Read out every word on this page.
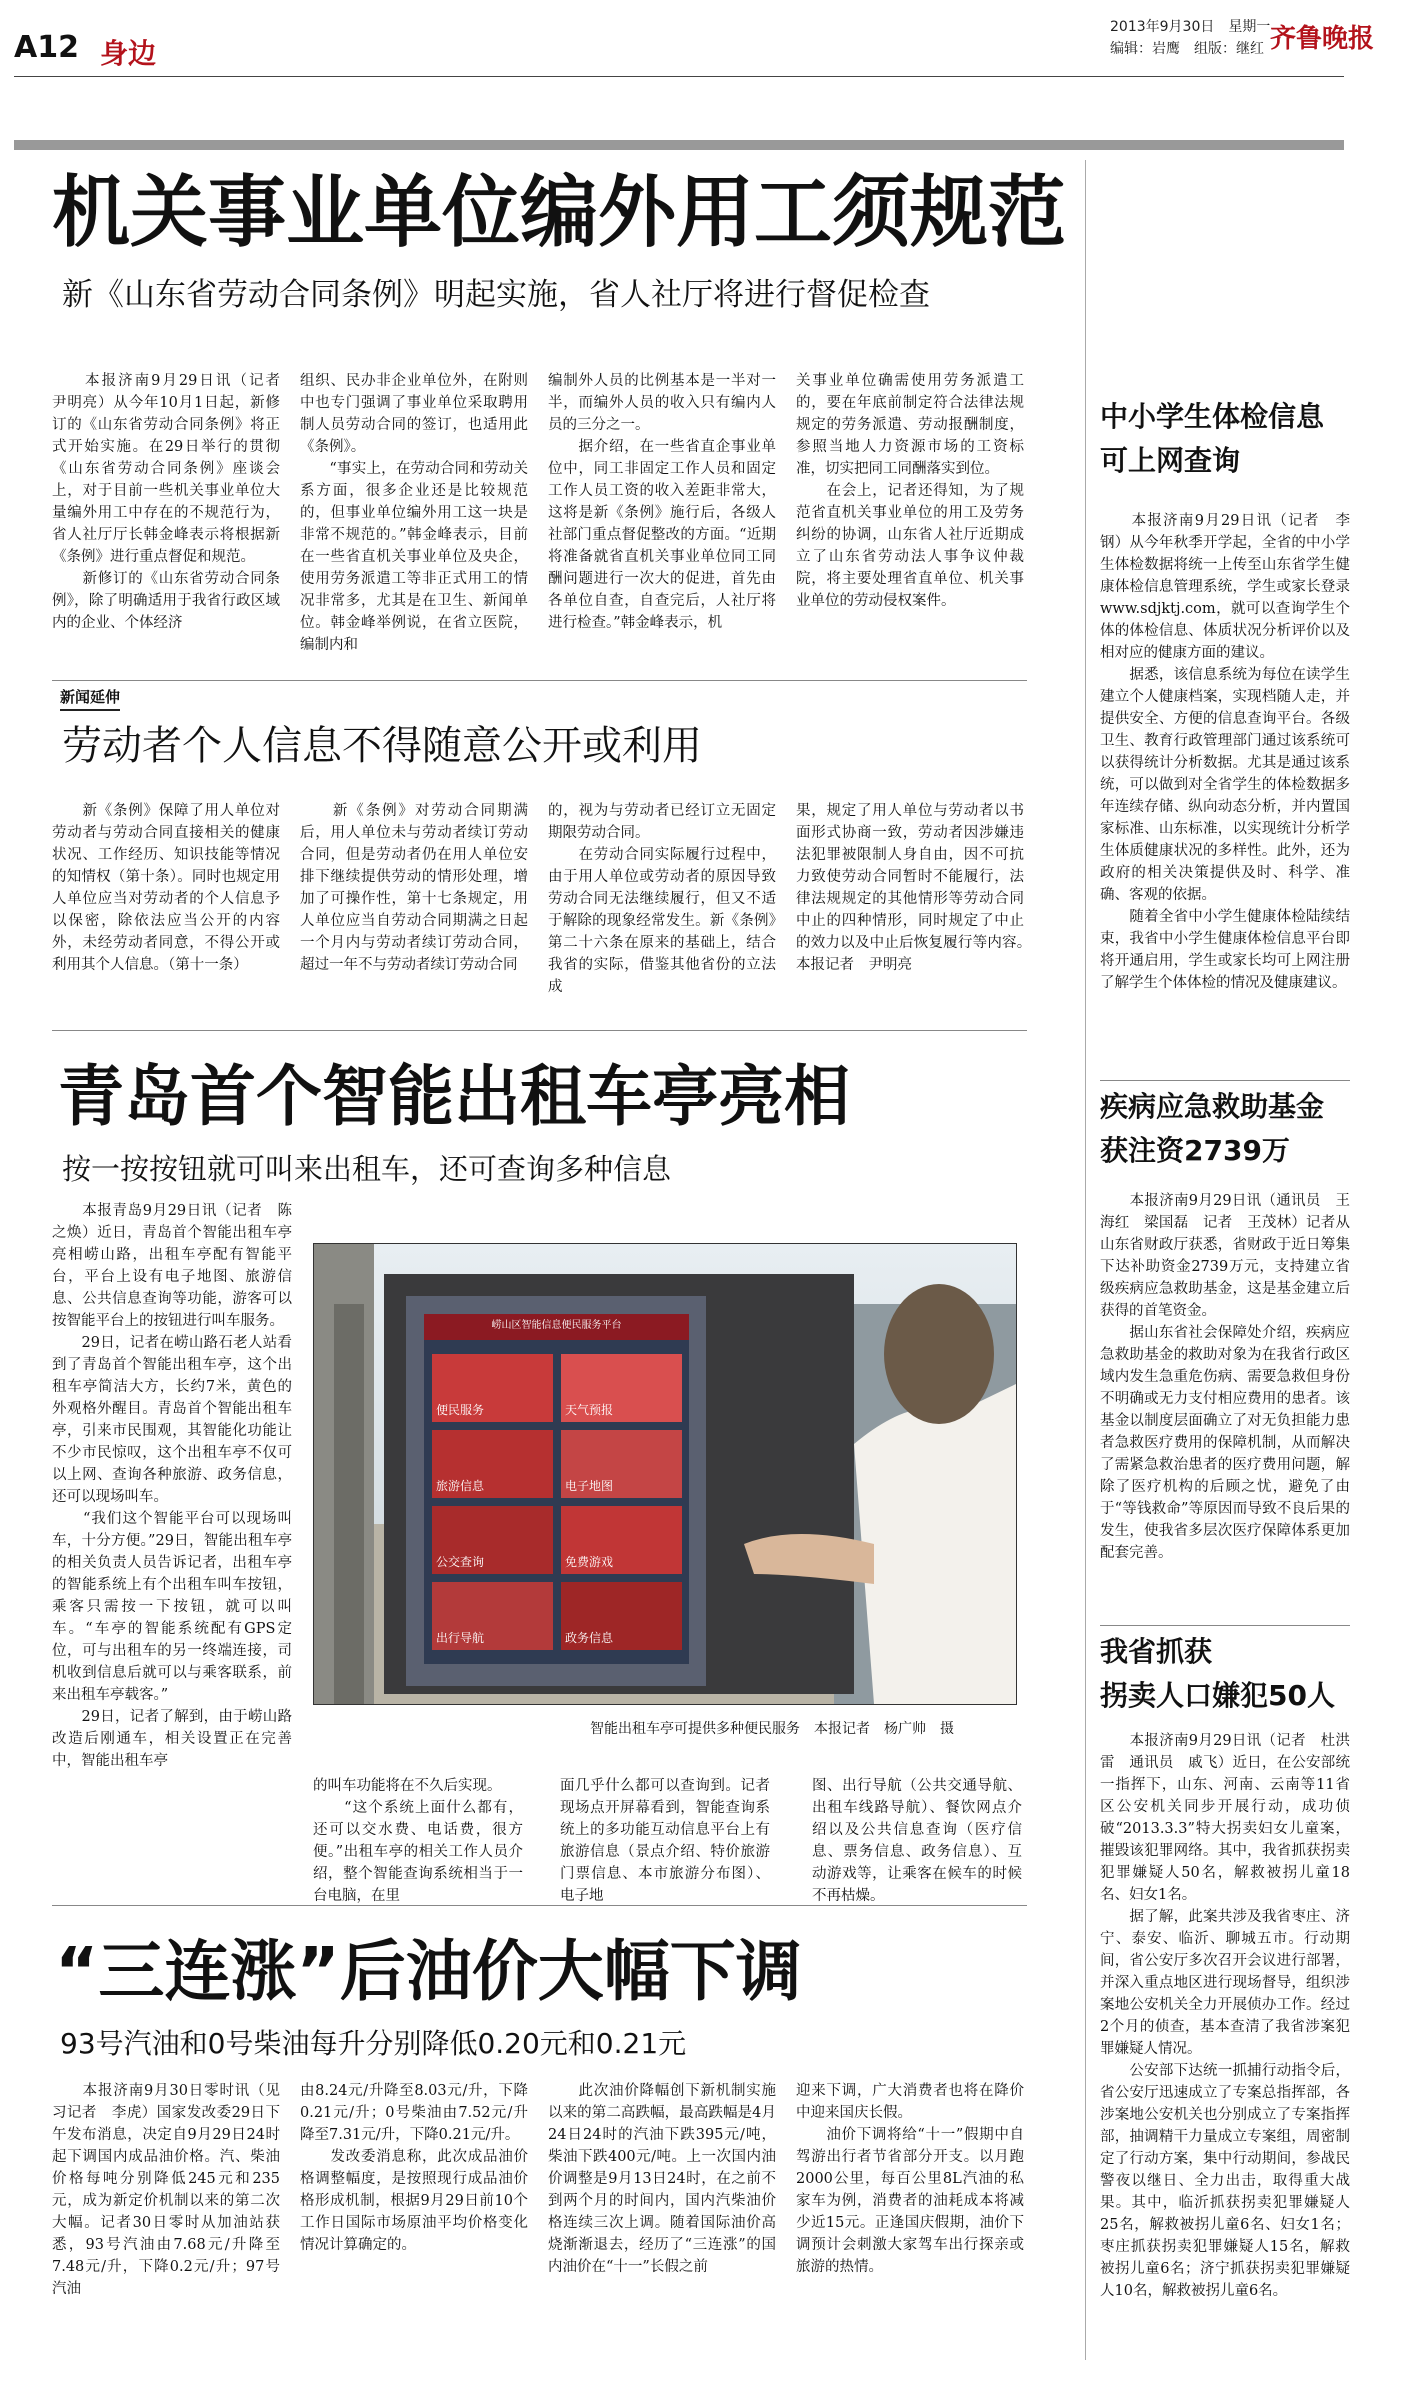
A12 身边
2013年9月30日　星期一
编辑：岩鹰　组版：继红 齐鲁晚报
机关事业单位编外用工须规范
新《山东省劳动合同条例》明起实施，省人社厅将进行督促检查
　　本报济南9月29日讯（记者　尹明亮）从今年10月1日起，新修订的《山东省劳动合同条例》将正式开始实施。在29日举行的贯彻《山东省劳动合同条例》座谈会上，对于目前一些机关事业单位大量编外用工中存在的不规范行为，省人社厅厅长韩金峰表示将根据新《条例》进行重点督促和规范。
　　新修订的《山东省劳动合同条例》，除了明确适用于我省行政区域内的企业、个体经济
组织、民办非企业单位外，在附则中也专门强调了事业单位采取聘用制人员劳动合同的签订，也适用此《条例》。
　　“事实上，在劳动合同和劳动关系方面，很多企业还是比较规范的，但事业单位编外用工这一块是非常不规范的。”韩金峰表示，目前在一些省直机关事业单位及央企，使用劳务派遣工等非正式用工的情况非常多，尤其是在卫生、新闻单位。韩金峰举例说，在省立医院，编制内和
编制外人员的比例基本是一半对一半，而编外人员的收入只有编内人员的三分之一。
　　据介绍，在一些省直企事业单位中，同工非固定工作人员和固定工作人员工资的收入差距非常大，这将是新《条例》施行后，各级人社部门重点督促整改的方面。“近期将准备就省直机关事业单位同工同酬问题进行一次大的促进，首先由各单位自查，自查完后，人社厅将进行检查。”韩金峰表示，机
关事业单位确需使用劳务派遣工的，要在年底前制定符合法律法规规定的劳务派遣、劳动报酬制度，参照当地人力资源市场的工资标准，切实把同工同酬落实到位。
　　在会上，记者还得知，为了规范省直机关事业单位的用工及劳务纠纷的协调，山东省人社厅近期成立了山东省劳动法人事争议仲裁院，将主要处理省直单位、机关事业单位的劳动侵权案件。
新闻延伸
劳动者个人信息不得随意公开或利用
　　新《条例》保障了用人单位对劳动者与劳动合同直接相关的健康状况、工作经历、知识技能等情况的知情权（第十条）。同时也规定用人单位应当对劳动者的个人信息予以保密，除依法应当公开的内容外，未经劳动者同意，不得公开或利用其个人信息。（第十一条）
　　新《条例》对劳动合同期满后，用人单位未与劳动者续订劳动合同，但是劳动者仍在用人单位安排下继续提供劳动的情形处理，增加了可操作性，第十七条规定，用人单位应当自劳动合同期满之日起一个月内与劳动者续订劳动合同，超过一年不与劳动者续订劳动合同
的，视为与劳动者已经订立无固定期限劳动合同。
　　在劳动合同实际履行过程中，由于用人单位或劳动者的原因导致劳动合同无法继续履行，但又不适于解除的现象经常发生。新《条例》第二十六条在原来的基础上，结合我省的实际，借鉴其他省份的立法成
果，规定了用人单位与劳动者以书面形式协商一致，劳动者因涉嫌违法犯罪被限制人身自由，因不可抗力致使劳动合同暂时不能履行，法律法规规定的其他情形等劳动合同中止的四种情形，同时规定了中止的效力以及中止后恢复履行等内容。　本报记者　尹明亮
青岛首个智能出租车亭亮相
按一按按钮就可叫来出租车，还可查询多种信息
　　本报青岛9月29日讯（记者　陈之焕）近日，青岛首个智能出租车亭亮相崂山路，出租车亭配有智能平台，平台上设有电子地图、旅游信息、公共信息查询等功能，游客可以按智能平台上的按钮进行叫车服务。
　　29日，记者在崂山路石老人站看到了青岛首个智能出租车亭，这个出租车亭简洁大方，长约7米，黄色的外观格外醒目。青岛首个智能出租车亭，引来市民围观，其智能化功能让不少市民惊叹，这个出租车亭不仅可以上网、查询各种旅游、政务信息，还可以现场叫车。
　　“我们这个智能平台可以现场叫车，十分方便。”29日，智能出租车亭的相关负责人员告诉记者，出租车亭的智能系统上有个出租车叫车按钮，乘客只需按一下按钮，就可以叫车。“车亭的智能系统配有GPS定位，可与出租车的另一终端连接，司机收到信息后就可以与乘客联系，前来出租车亭载客。”
　　29日，记者了解到，由于崂山路改造后刚通车，相关设置正在完善中，智能出租车亭
崂山区智能信息便民服务平台
便民服务	天气预报
旅游信息	电子地图
公交查询	免费游戏
出行导航	政务信息
智能出租车亭可提供多种便民服务　本报记者　杨广帅　摄
的叫车功能将在不久后实现。
　　“这个系统上面什么都有，还可以交水费、电话费，很方便。”出租车亭的相关工作人员介绍，整个智能查询系统相当于一台电脑，在里
面几乎什么都可以查询到。记者现场点开屏幕看到，智能查询系统上的多功能互动信息平台上有旅游信息（景点介绍、特价旅游门票信息、本市旅游分布图）、电子地
图、出行导航（公共交通导航、出租车线路导航）、餐饮网点介绍以及公共信息查询（医疗信息、票务信息、政务信息）、互动游戏等，让乘客在候车的时候不再枯燥。
“三连涨”后油价大幅下调
93号汽油和0号柴油每升分别降低0.20元和0.21元
　　本报济南9月30日零时讯（见习记者　李虎）国家发改委29日下午发布消息，决定自9月29日24时起下调国内成品油价格。汽、柴油价格每吨分别降低245元和235元，成为新定价机制以来的第二次大幅。记者30日零时从加油站获悉，93号汽油由7.68元/升降至7.48元/升，下降0.2元/升；97号汽油
由8.24元/升降至8.03元/升，下降0.21元/升；0号柴油由7.52元/升降至7.31元/升，下降0.21元/升。
　　发改委消息称，此次成品油价格调整幅度，是按照现行成品油价格形成机制，根据9月29日前10个工作日国际市场原油平均价格变化情况计算确定的。
　　此次油价降幅创下新机制实施以来的第二高跌幅，最高跌幅是4月24日24时的汽油下跌395元/吨，柴油下跌400元/吨。上一次国内油价调整是9月13日24时，在之前不到两个月的时间内，国内汽柴油价格连续三次上调。随着国际油价高烧渐渐退去，经历了“三连涨”的国内油价在“十一”长假之前
迎来下调，广大消费者也将在降价中迎来国庆长假。
　　油价下调将给“十一”假期中自驾游出行者节省部分开支。以月跑2000公里，每百公里8L汽油的私家车为例，消费者的油耗成本将减少近15元。正逢国庆假期，油价下调预计会刺激大家驾车出行探亲或旅游的热情。
中小学生体检信息
可上网查询
　　本报济南9月29日讯（记者　李钢）从今年秋季开学起，全省的中小学生体检数据将统一上传至山东省学生健康体检信息管理系统，学生或家长登录www.sdjktj.com，就可以查询学生个体的体检信息、体质状况分析评价以及相对应的健康方面的建议。
　　据悉，该信息系统为每位在读学生建立个人健康档案，实现档随人走，并提供安全、方便的信息查询平台。各级卫生、教育行政管理部门通过该系统可以获得统计分析数据。尤其是通过该系统，可以做到对全省学生的体检数据多年连续存储、纵向动态分析，并内置国家标准、山东标准，以实现统计分析学生体质健康状况的多样性。此外，还为政府的相关决策提供及时、科学、准确、客观的依据。
　　随着全省中小学生健康体检陆续结束，我省中小学生健康体检信息平台即将开通启用，学生或家长均可上网注册了解学生个体体检的情况及健康建议。
疾病应急救助基金
获注资2739万
　　本报济南9月29日讯（通讯员　王海红　梁国磊　记者　王茂林）记者从山东省财政厅获悉，省财政于近日筹集下达补助资金2739万元，支持建立省级疾病应急救助基金，这是基金建立后获得的首笔资金。
　　据山东省社会保障处介绍，疾病应急救助基金的救助对象为在我省行政区域内发生急重危伤病、需要急救但身份不明确或无力支付相应费用的患者。该基金以制度层面确立了对无负担能力患者急救医疗费用的保障机制，从而解决了需紧急救治患者的医疗费用问题，解除了医疗机构的后顾之忧，避免了由于“等钱救命”等原因而导致不良后果的发生，使我省多层次医疗保障体系更加配套完善。
我省抓获
拐卖人口嫌犯50人
　　本报济南9月29日讯（记者　杜洪雷　通讯员　戚飞）近日，在公安部统一指挥下，山东、河南、云南等11省区公安机关同步开展行动，成功侦破“2013.3.3”特大拐卖妇女儿童案，摧毁该犯罪网络。其中，我省抓获拐卖犯罪嫌疑人50名，解救被拐儿童18名、妇女1名。
　　据了解，此案共涉及我省枣庄、济宁、泰安、临沂、聊城五市。行动期间，省公安厅多次召开会议进行部署，并深入重点地区进行现场督导，组织涉案地公安机关全力开展侦办工作。经过2个月的侦查，基本查清了我省涉案犯罪嫌疑人情况。
　　公安部下达统一抓捕行动指令后，省公安厅迅速成立了专案总指挥部，各涉案地公安机关也分别成立了专案指挥部，抽调精干力量成立专案组，周密制定了行动方案，集中行动期间，参战民警夜以继日、全力出击，取得重大战果。其中，临沂抓获拐卖犯罪嫌疑人25名，解救被拐儿童6名、妇女1名；枣庄抓获拐卖犯罪嫌疑人15名，解救被拐儿童6名；济宁抓获拐卖犯罪嫌疑人10名，解救被拐儿童6名。
